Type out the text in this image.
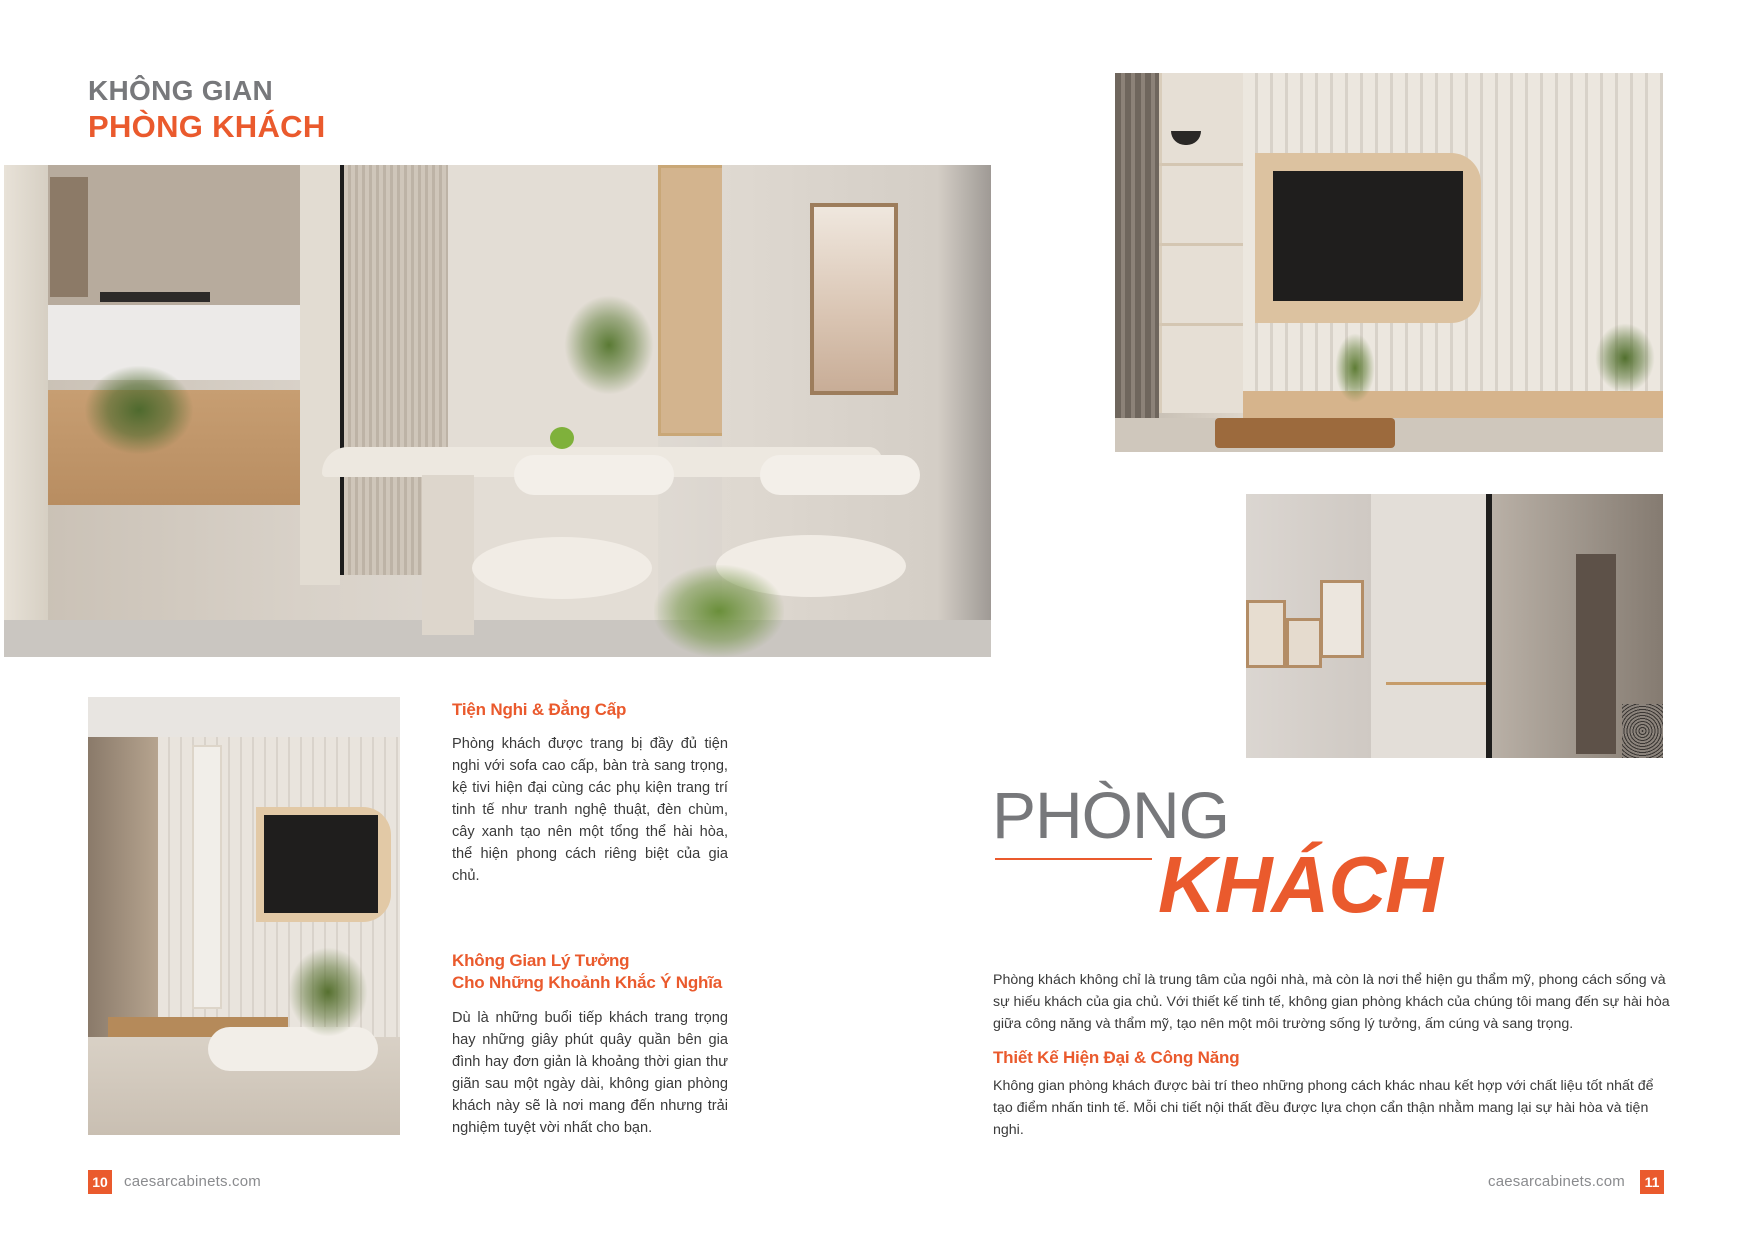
KHÔNG GIAN
PHÒNG KHÁCH
Tiện Nghi & Đẳng Cấp
Phòng khách được trang bị đầy đủ tiện nghi với sofa cao cấp, bàn trà sang trọng, kệ tivi hiện đại cùng các phụ kiện trang trí tinh tế như tranh nghệ thuật, đèn chùm, cây xanh tạo nên một tổng thể hài hòa, thể hiện phong cách riêng biệt của gia chủ.
Không Gian Lý Tưởng
Cho Những Khoảnh Khắc Ý Nghĩa
Dù là những buổi tiếp khách trang trọng hay những giây phút quây quần bên gia đình hay đơn giản là khoảng thời gian thư giãn sau một ngày dài, không gian phòng khách này sẽ là nơi mang đến nhưng trải nghiệm tuyệt vời nhất cho bạn.
10 caesarcabinets.com
PHÒNG
KHÁCH
Phòng khách không chỉ là trung tâm của ngôi nhà, mà còn là nơi thể hiện gu thẩm mỹ, phong cách sống và sự hiếu khách của gia chủ. Với thiết kế tinh tế, không gian phòng khách của chúng tôi mang đến sự hài hòa giữa công năng và thẩm mỹ, tạo nên một môi trường sống lý tưởng, ấm cúng và sang trọng.
Thiết Kế Hiện Đại & Công Năng
Không gian phòng khách được bài trí theo những phong cách khác nhau kết hợp với chất liệu tốt nhất để tạo điểm nhấn tinh tế. Mỗi chi tiết nội thất đều được lựa chọn cẩn thận nhằm mang lại sự hài hòa và tiện nghi.
caesarcabinets.com	11
